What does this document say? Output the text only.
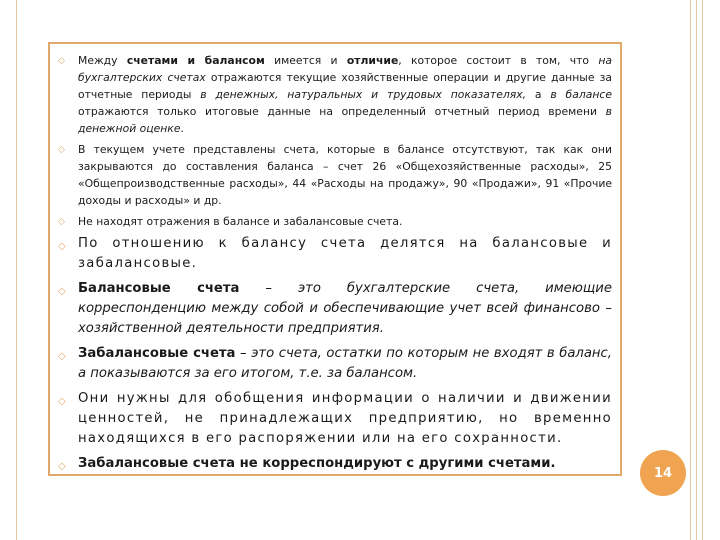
◇ Между счетами и балансом имеется и отличие, которое состоит в том, что на бухгалтерских счетах отражаются текущие хозяйственные операции и другие данные за отчетные периоды в денежных, натуральных и трудовых показателях, а в балансе отражаются только итоговые данные на определенный отчетный период времени в денежной оценке.
◇ В текущем учете представлены счета, которые в балансе отсутствуют, так как они закрываются до составления баланса – счет 26 «Общехозяйственные расходы», 25 «Общепроизводственные расходы», 44 «Расходы на продажу», 90 «Продажи», 91 «Прочие доходы и расходы» и др.
◇ Не находят отражения в балансе и забалансовые счета.
◇ По отношению к балансу счета делятся на балансовые и забалансовые.
◇ Балансовые счета – это бухгалтерские счета, имеющие корреспонденцию между собой и обеспечивающие учет всей финансово – хозяйственной деятельности предприятия.
◇ Забалансовые счета – это счета, остатки по которым не входят в баланс, а показываются за его итогом, т.е. за балансом.
◇ Они нужны для обобщения информации о наличии и движении ценностей, не принадлежащих предприятию, но временно находящихся в его распоряжении или на его сохранности.
◇ Забалансовые счета не корреспондируют с другими счетами.
14
